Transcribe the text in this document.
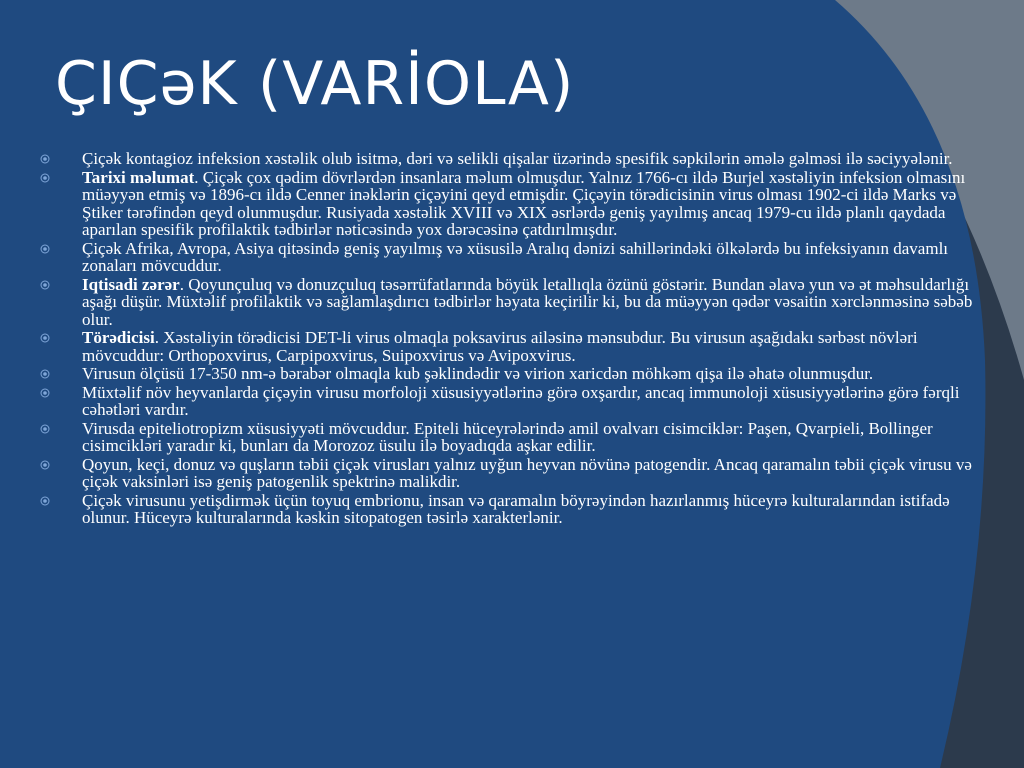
ÇIÇəK (VARİOLA)
Çiçək kontagioz infeksion xəstəlik olub isitmə, dəri və selikli qişalar üzərində spesifik səpkilərin əmələ gəlməsi ilə səciyyələnir.
Tarixi məlumat. Çiçək çox qədim dövrlərdən insanlara məlum olmuşdur. Yalnız 1766-cı ildə Burjel xəstəliyin infeksion olmasını müəyyən etmiş və 1896-cı ildə Cenner inəklərin çiçəyini qeyd etmişdir. Çiçəyin törədicisinin virus olması 1902-ci ildə Marks və Ştiker tərəfindən qeyd olunmuşdur. Rusiyada xəstəlik XVIII və XIX əsrlərdə geniş yayılmış ancaq 1979-cu ildə planlı qaydada aparılan spesifik profilaktik tədbirlər nəticəsində yox dərəcəsinə çatdırılmışdır.
Çiçək Afrika, Avropa, Asiya qitəsində geniş yayılmış və xüsusilə Aralıq dənizi sahillərindəki ölkələrdə bu infeksiyanın davamlı zonaları mövcuddur.
Iqtisadi zərər. Qoyunçuluq və donuzçuluq təsərrüfatlarında böyük letallıqla özünü göstərir. Bundan əlavə yun və ət məhsuldarlığı aşağı düşür. Müxtəlif profilaktik və sağlamlaşdırıcı tədbirlər həyata keçirilir ki, bu da müəyyən qədər vəsaitin xərclənməsinə səbəb olur.
Törədicisi. Xəstəliyin törədicisi DET-li virus olmaqla poksavirus ailəsinə mənsubdur. Bu virusun aşağıdakı sərbəst növləri mövcuddur: Orthopoxvirus, Carpipoxvirus, Suipoxvirus və Avipoxvirus.
Virusun ölçüsü 17-350 nm-ə bərabər olmaqla kub şəklindədir və virion xaricdən möhkəm qişa ilə əhatə olunmuşdur.
Müxtəlif növ heyvanlarda çiçəyin virusu morfoloji xüsusiyyətlərinə görə oxşardır, ancaq immunoloji xüsusiyyətlərinə görə fərqli cəhətləri vardır.
Virusda epiteliotropizm xüsusiyyəti mövcuddur. Epiteli hüceyrələrində amil ovalvarı cisimciklər: Paşen, Qvarpieli, Bollinger cisimcikləri yaradır ki, bunları da Morozoz üsulu ilə boyadıqda aşkar edilir.
Qoyun, keçi, donuz və quşların təbii çiçək virusları yalnız uyğun heyvan növünə patogendir. Ancaq qaramalın təbii çiçək virusu və çiçək vaksinləri isə geniş patogenlik spektrinə malikdir.
Çiçək virusunu yetişdirmək üçün toyuq embrionu, insan və qaramalın böyrəyindən hazırlanmış hüceyrə kulturalarından istifadə olunur. Hüceyrə kulturalarında kəskin sitopatogen təsirlə xarakterlənir.
